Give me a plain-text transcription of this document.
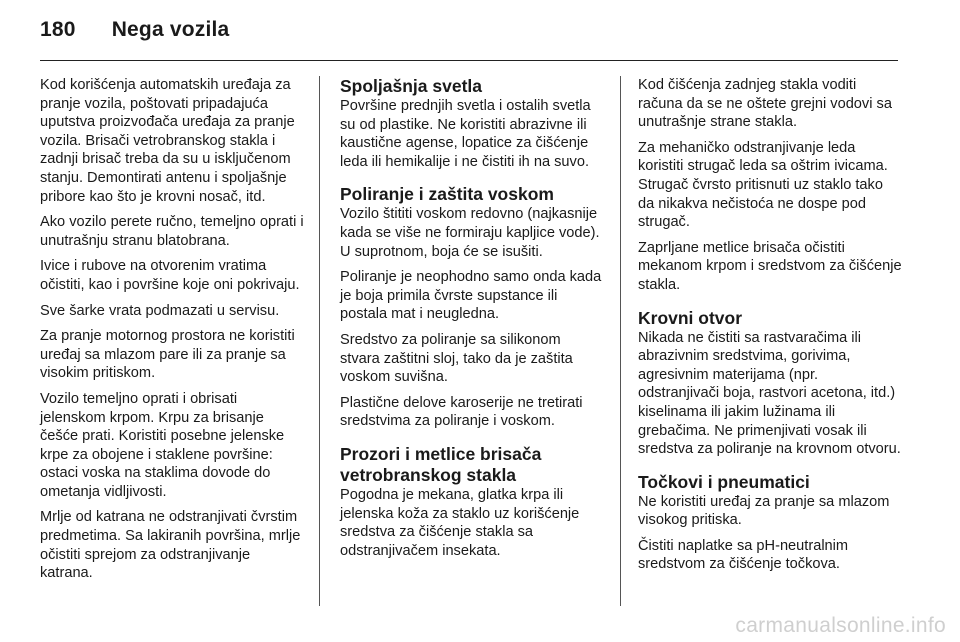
180 Nega vozila

Kod korišćenja automatskih uređaja za pranje vozila, poštovati pripadajuća uputstva proizvođača uređaja za pranje vozila. Brisači vetrobranskog stakla i zadnji brisač treba da su u isključenom stanju. Demontirati antenu i spoljašnje pribore kao što je krovni nosač, itd.

Ako vozilo perete ručno, temeljno oprati i unutrašnju stranu blatobrana.

Ivice i rubove na otvorenim vratima očistiti, kao i površine koje oni pokrivaju.

Sve šarke vrata podmazati u servisu.

Za pranje motornog prostora ne koristiti uređaj sa mlazom pare ili za pranje sa visokim pritiskom.

Vozilo temeljno oprati i obrisati jelenskom krpom. Krpu za brisanje češće prati. Koristiti posebne jelenske krpe za obojene i staklene površine: ostaci voska na staklima dovode do ometanja vidljivosti.

Mrlje od katrana ne odstranjivati čvrstim predmetima. Sa lakiranih površina, mrlje očistiti sprejom za odstranjivanje katrana.

Spoljašnja svetla

Površine prednjih svetla i ostalih svetla su od plastike. Ne koristiti abrazivne ili kaustične agense, lopatice za čišćenje leda ili hemikalije i ne čistiti ih na suvo.

Poliranje i zaštita voskom

Vozilo štititi voskom redovno (najkasnije kada se više ne formiraju kapljice vode). U suprotnom, boja će se isušiti.

Poliranje je neophodno samo onda kada je boja primila čvrste supstance ili postala mat i neugledna.

Sredstvo za poliranje sa silikonom stvara zaštitni sloj, tako da je zaštita voskom suvišna.

Plastične delove karoserije ne tretirati sredstvima za poliranje i voskom.

Prozori i metlice brisača vetrobranskog stakla

Pogodna je mekana, glatka krpa ili jelenska koža za staklo uz korišćenje sredstva za čišćenje stakla sa odstranjivačem insekata.

Kod čišćenja zadnjeg stakla voditi računa da se ne oštete grejni vodovi sa unutrašnje strane stakla.

Za mehaničko odstranjivanje leda koristiti strugač leda sa oštrim ivicama. Strugač čvrsto pritisnuti uz staklo tako da nikakva nečistoća ne dospe pod strugač.

Zaprljane metlice brisača očistiti mekanom krpom i sredstvom za čišćenje stakla.

Krovni otvor

Nikada ne čistiti sa rastvaračima ili abrazivnim sredstvima, gorivima, agresivnim materijama (npr. odstranjivači boja, rastvori acetona, itd.) kiselinama ili jakim lužinama ili grebačima. Ne primenjivati vosak ili sredstva za poliranje na krovnom otvoru.

Točkovi i pneumatici

Ne koristiti uređaj za pranje sa mlazom visokog pritiska.

Čistiti naplatke sa pH-neutralnim sredstvom za čišćenje točkova.

carmanualsonline.info
